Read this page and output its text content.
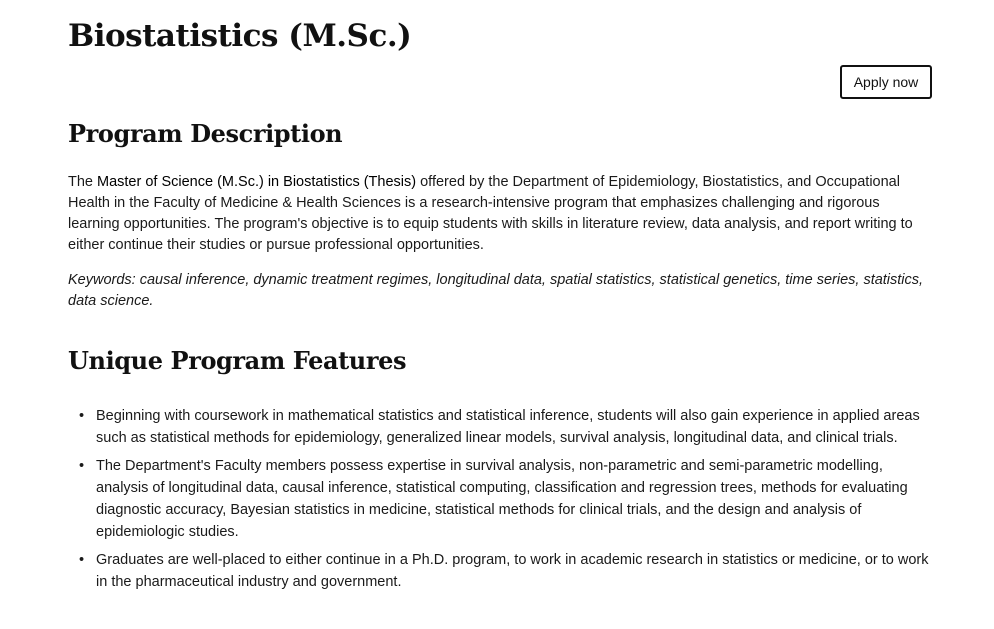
Biostatistics (M.Sc.)
Apply now
Program Description

The Master of Science (M.Sc.) in Biostatistics (Thesis) offered by the Department of Epidemiology, Biostatistics, and Occupational Health in the Faculty of Medicine & Health Sciences is a research-intensive program that emphasizes challenging and rigorous learning opportunities. The program's objective is to equip students with skills in literature review, data analysis, and report writing to either continue their studies or pursue professional opportunities.

Keywords: causal inference, dynamic treatment regimes, longitudinal data, spatial statistics, statistical genetics, time series, statistics, data science.

Unique Program Features
• Beginning with coursework in mathematical statistics and statistical inference, students will also gain experience in applied areas such as statistical methods for epidemiology, generalized linear models, survival analysis, longitudinal data, and clinical trials.
• The Department's Faculty members possess expertise in survival analysis, non-parametric and semi-parametric modelling, analysis of longitudinal data, causal inference, statistical computing, classification and regression trees, methods for evaluating diagnostic accuracy, Bayesian statistics in medicine, statistical methods for clinical trials, and the design and analysis of epidemiologic studies.
• Graduates are well-placed to either continue in a Ph.D. program, to work in academic research in statistics or medicine, or to work in the pharmaceutical industry and government.
